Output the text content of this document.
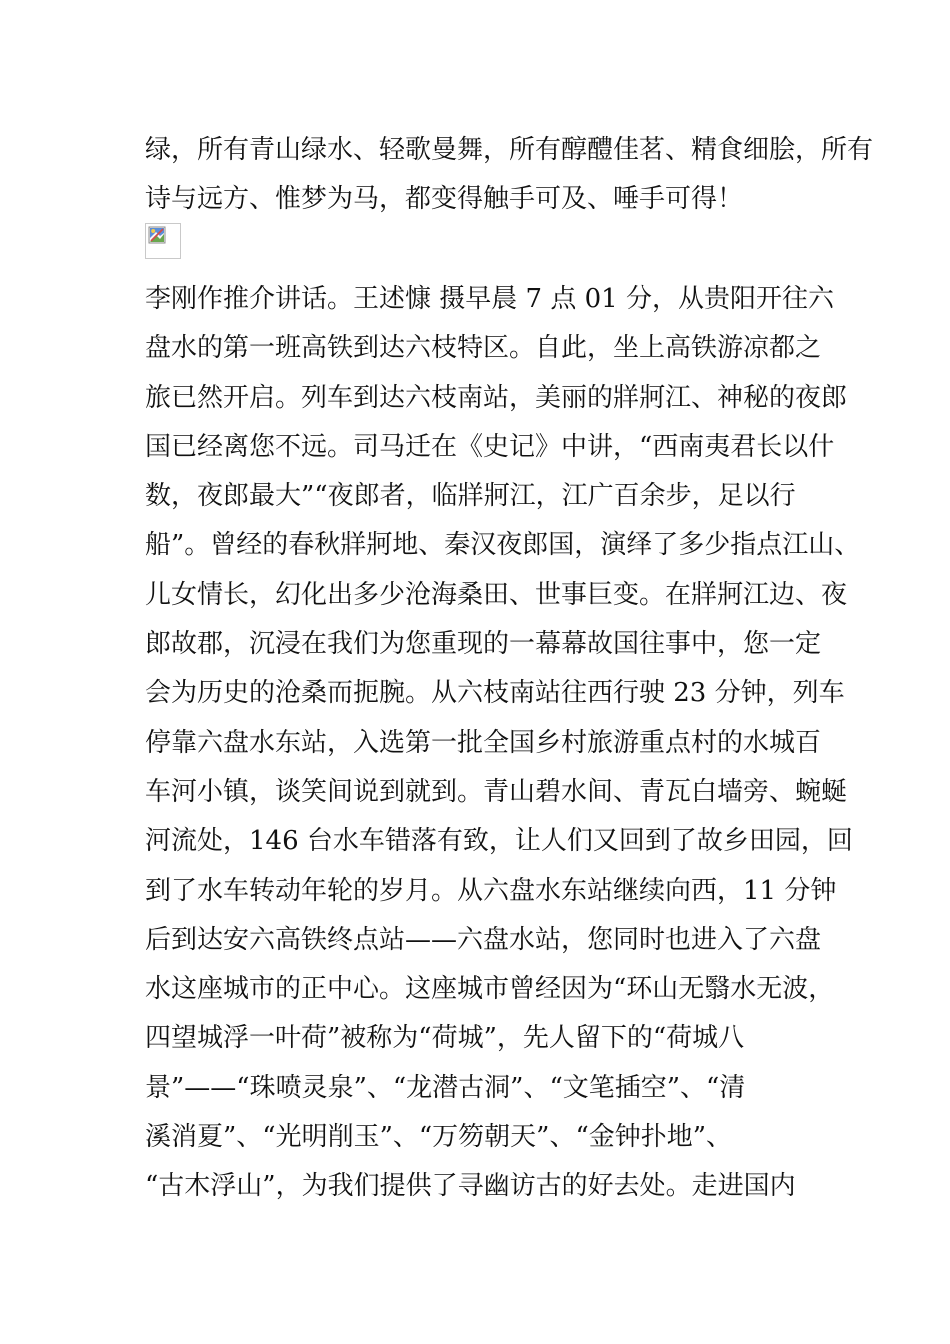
绿，所有青山绿水、轻歌曼舞，所有醇醴佳茗、精食细脍，所有
诗与远方、惟梦为马，都变得触手可及、唾手可得！

李刚作推介讲话。王述慷 摄早晨 7 点 01 分，从贵阳开往六
盘水的第一班高铁到达六枝特区。自此，坐上高铁游凉都之
旅已然开启。列车到达六枝南站，美丽的牂牁江、神秘的夜郎
国已经离您不远。司马迁在《史记》中讲，“西南夷君长以什
数，夜郎最大”“夜郎者，临牂牁江，江广百余步，足以行
船”。曾经的春秋牂牁地、秦汉夜郎国，演绎了多少指点江山、
儿女情长，幻化出多少沧海桑田、世事巨变。在牂牁江边、夜
郎故郡，沉浸在我们为您重现的一幕幕故国往事中，您一定
会为历史的沧桑而扼腕。从六枝南站往西行驶 23 分钟，列车
停靠六盘水东站，入选第一批全国乡村旅游重点村的水城百
车河小镇，谈笑间说到就到。青山碧水间、青瓦白墙旁、蜿蜒
河流处，146 台水车错落有致，让人们又回到了故乡田园，回
到了水车转动年轮的岁月。从六盘水东站继续向西，11 分钟
后到达安六高铁终点站——六盘水站，您同时也进入了六盘
水这座城市的正中心。这座城市曾经因为“环山无翳水无波，
四望城浮一叶荷”被称为“荷城”，先人留下的“荷城八
景”——“珠喷灵泉”、“龙潜古洞”、“文笔插空”、“清
溪消夏”、“光明削玉”、“万笏朝天”、“金钟扑地”、
“古木浮山”，为我们提供了寻幽访古的好去处。走进国内
